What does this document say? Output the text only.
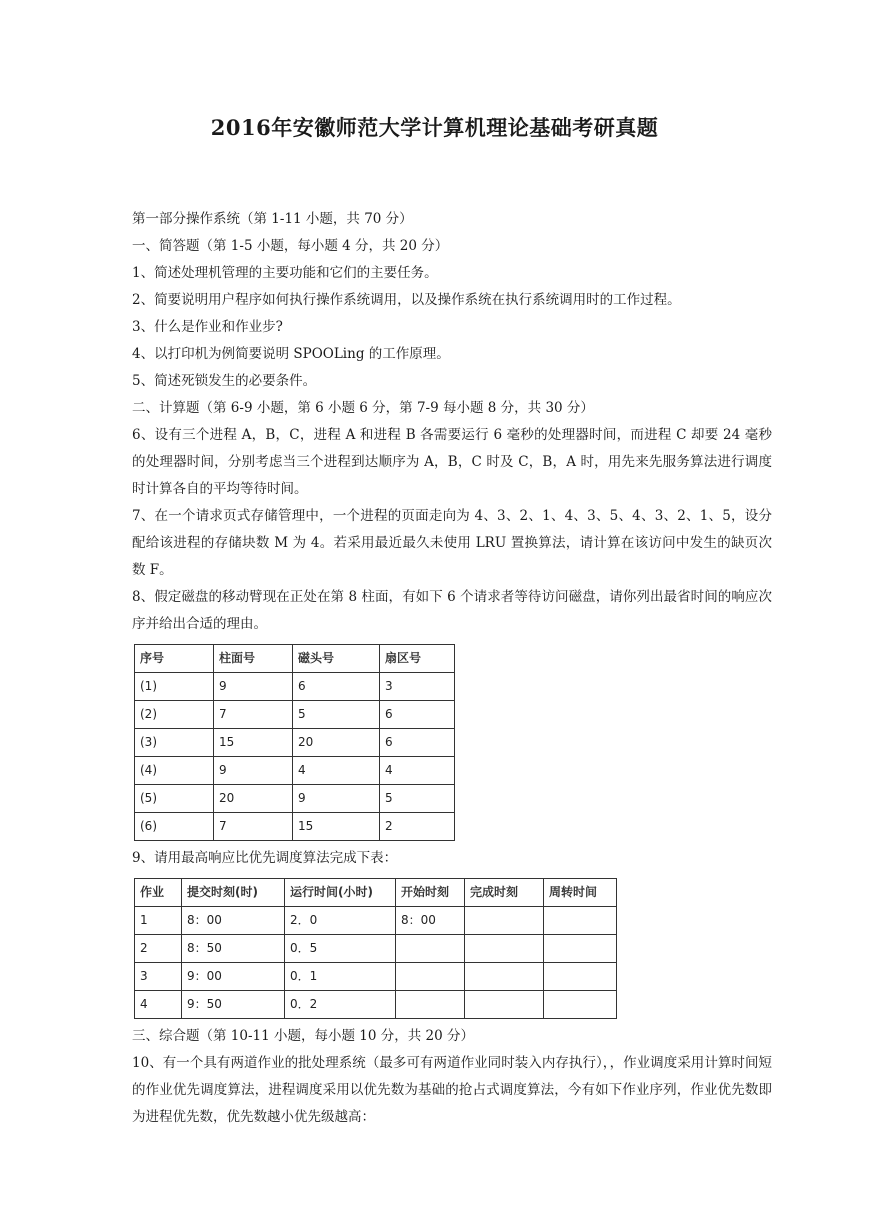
2016年安徽师范大学计算机理论基础考研真题
第一部分操作系统（第 1-11 小题，共 70 分）
一、简答题（第 1-5 小题，每小题 4 分，共 20 分）
1、简述处理机管理的主要功能和它们的主要任务。
2、简要说明用户程序如何执行操作系统调用，以及操作系统在执行系统调用时的工作过程。
3、什么是作业和作业步?
4、以打印机为例简要说明 SPOOLing 的工作原理。
5、简述死锁发生的必要条件。
二、计算题（第 6-9 小题，第 6 小题 6 分，第 7-9 每小题 8 分，共 30 分）
6、设有三个进程 A，B，C，进程 A 和进程 B 各需要运行 6 毫秒的处理器时间，而进程 C 却要 24 毫秒的处理器时间，分别考虑当三个进程到达顺序为 A，B，C 时及 C，B，A 时，用先来先服务算法进行调度时计算各自的平均等待时间。
7、在一个请求页式存储管理中，一个进程的页面走向为 4、3、2、1、4、3、5、4、3、2、1、5，设分配给该进程的存储块数 M 为 4。若采用最近最久未使用 LRU 置换算法，请计算在该访问中发生的缺页次数 F。
8、假定磁盘的移动臂现在正处在第 8 柱面，有如下 6 个请求者等待访问磁盘，请你列出最省时间的响应次序并给出合适的理由。
序号	柱面号	磁头号	扇区号
(1)	9	6	3
(2)	7	5	6
(3)	15	20	6
(4)	9	4	4
(5)	20	9	5
(6)	7	15	2
9、请用最高响应比优先调度算法完成下表：
作业	提交时刻(时)	运行时间(小时)	开始时刻	完成时刻	周转时间
1	8：00	2．0	8：00		
2	8：50	0．5			
3	9：00	0．1			
4	9：50	0．2			
三、综合题（第 10-11 小题，每小题 10 分，共 20 分）
10、有一个具有两道作业的批处理系统（最多可有两道作业同时装入内存执行），，作业调度采用计算时间短的作业优先调度算法，进程调度采用以优先数为基础的抢占式调度算法，今有如下作业序列，作业优先数即为进程优先数，优先数越小优先级越高：
